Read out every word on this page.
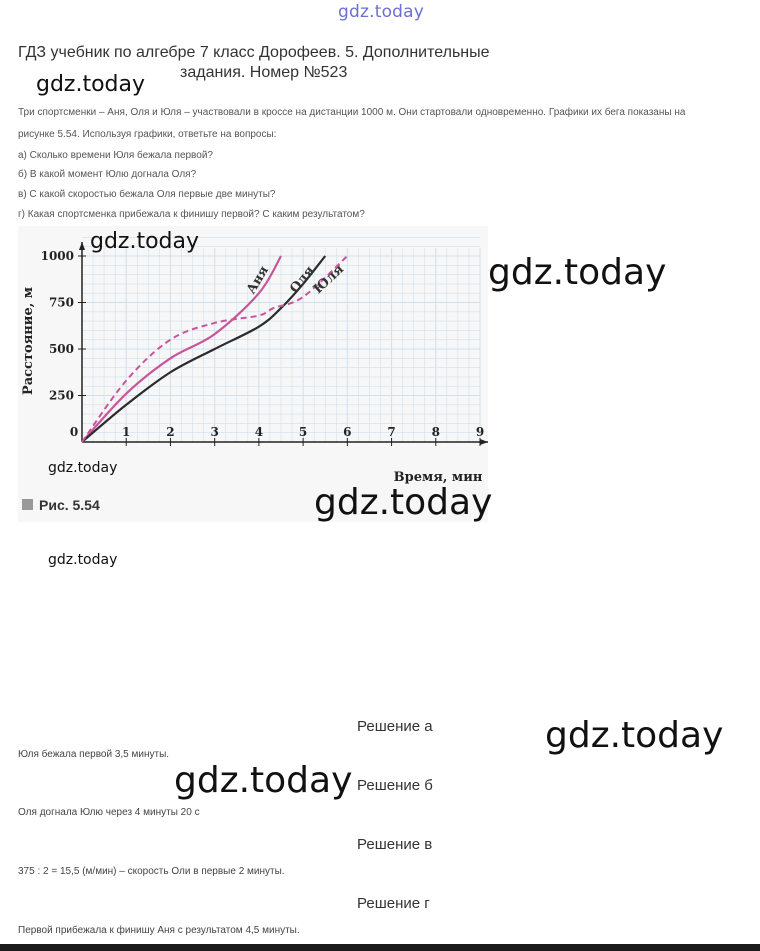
gdz.today
ГДЗ учебник по алгебре 7 класс Дорофеев. 5. Дополнительные
задания. Номер №523
gdz.today
Три спортсменки – Аня, Оля и Юля – участвовали в кроссе на дистанции 1000 м. Они стартовали одновременно. Графики их бега показаны на
рисунке 5.54. Используя графики, ответьте на вопросы:
а) Сколько времени Юля бежала первой?
б) В какой момент Юлю догнала Оля?
в) С какой скоростью бежала Оля первые две минуты?
г) Какая спортсменка прибежала к финишу первой? С каким результатом?
0	1	2	3	4	5	6	7	8	9
250
500
750
1000
Аня Оля
Юля
Расстояние, м
Время, мин
Рис. 5.54
gdz.today
gdz.today
gdz.today
gdz.today
gdz.today
gdz.today
gdz.today
Решение а
Юля бежала первой 3,5 минуты.
Решение б
Оля догнала Юлю через 4 минуты 20 с
Решение в
375 : 2 = 15,5 (м/мин) – скорость Оли в первые 2 минуты.
Решение г
Первой прибежала к финишу Аня с результатом 4,5 минуты.
